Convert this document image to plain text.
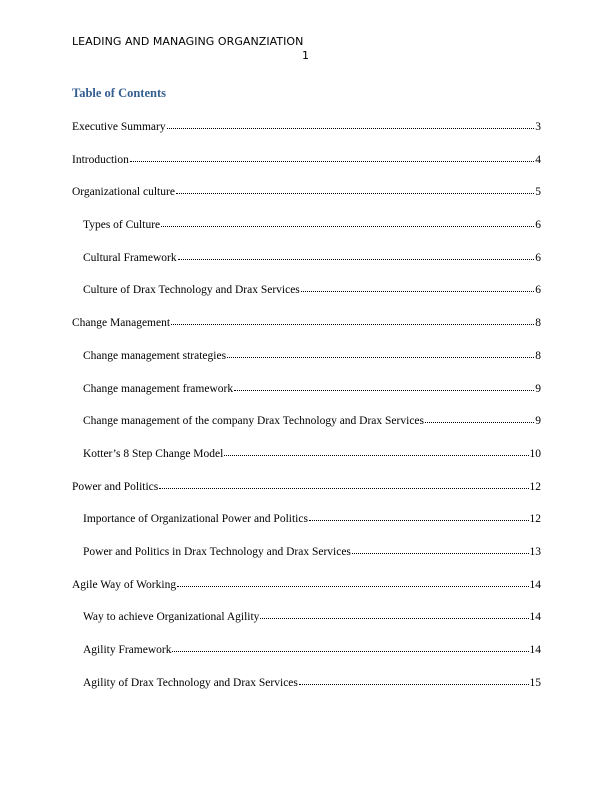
LEADING AND MANAGING ORGANZIATION
1
Table of Contents
Executive Summary	3
Introduction	4
Organizational culture	5
Types of Culture	6
Cultural Framework	6
Culture of Drax Technology and Drax Services	6
Change Management	8
Change management strategies	8
Change management framework	9
Change management of the company Drax Technology and Drax Services	9
Kotter’s 8 Step Change Model	10
Power and Politics	12
Importance of Organizational Power and Politics	12
Power and Politics in Drax Technology and Drax Services	13
Agile Way of Working	14
Way to achieve Organizational Agility	14
Agility Framework	14
Agility of Drax Technology and Drax Services	15
